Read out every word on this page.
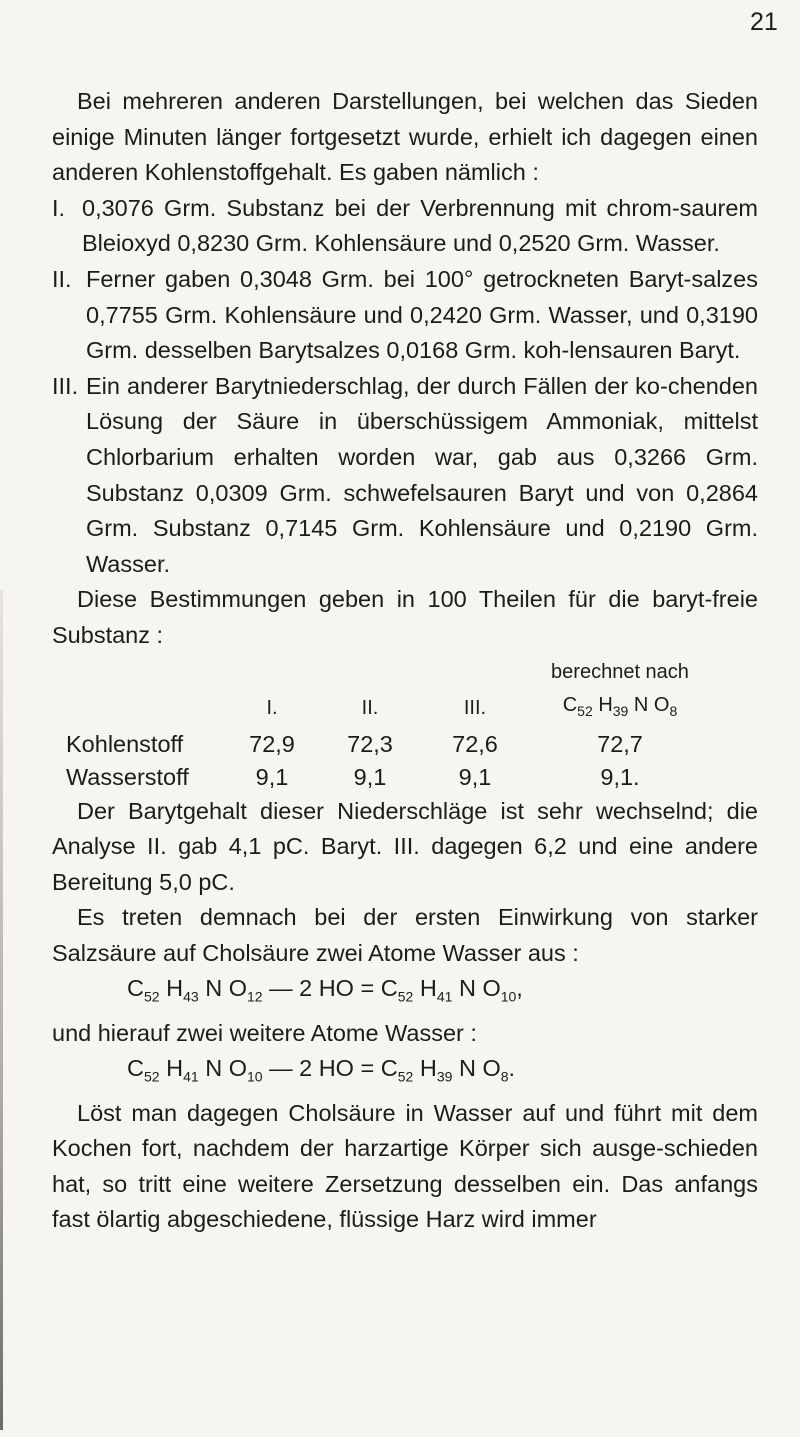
21

Bei mehreren anderen Darstellungen, bei welchen das Sieden einige Minuten länger fortgesetzt wurde, erhielt ich dagegen einen anderen Kohlenstoffgehalt. Es gaben nämlich :

I. 0,3076 Grm. Substanz bei der Verbrennung mit chrom-saurem Bleioxyd 0,8230 Grm. Kohlensäure und 0,2520 Grm. Wasser.
II. Ferner gaben 0,3048 Grm. bei 100° getrockneten Baryt-salzes 0,7755 Grm. Kohlensäure und 0,2420 Grm. Wasser, und 0,3190 Grm. desselben Barytsalzes 0,0168 Grm. koh-lensauren Baryt.
III. Ein anderer Barytniederschlag, der durch Fällen der ko-chenden Lösung der Säure in überschüssigem Ammoniak, mittelst Chlorbarium erhalten worden war, gab aus 0,3266 Grm. Substanz 0,0309 Grm. schwefelsauren Baryt und von 0,2864 Grm. Substanz 0,7145 Grm. Kohlensäure und 0,2190 Grm. Wasser.

Diese Bestimmungen geben in 100 Theilen für die baryt-freie Substanz :

				berechnet nach
	I.	II.	III.	$C_{52}$ $H_{39}$ N $O_8$
Kohlenstoff	72,9	72,3	72,6	72,7
Wasserstoff	9,1	9,1	9,1	9,1.

Der Barytgehalt dieser Niederschläge ist sehr wechselnd; die Analyse II. gab 4,1 pC. Baryt. III. dagegen 6,2 und eine andere Bereitung 5,0 pC.

Es treten demnach bei der ersten Einwirkung von starker Salzsäure auf Cholsäure zwei Atome Wasser aus :

$C_{52}$ $H_{43}$ N $O_{12}$ — 2 HO = $C_{52}$ $H_{41}$ N $O_{10}$,

und hierauf zwei weitere Atome Wasser :

$C_{52}$ $H_{41}$ N $O_{10}$ — 2 HO = $C_{52}$ $H_{39}$ N $O_8$.

Löst man dagegen Cholsäure in Wasser auf und führt mit dem Kochen fort, nachdem der harzartige Körper sich ausge-schieden hat, so tritt eine weitere Zersetzung desselben ein. Das anfangs fast ölartig abgeschiedene, flüssige Harz wird immer
